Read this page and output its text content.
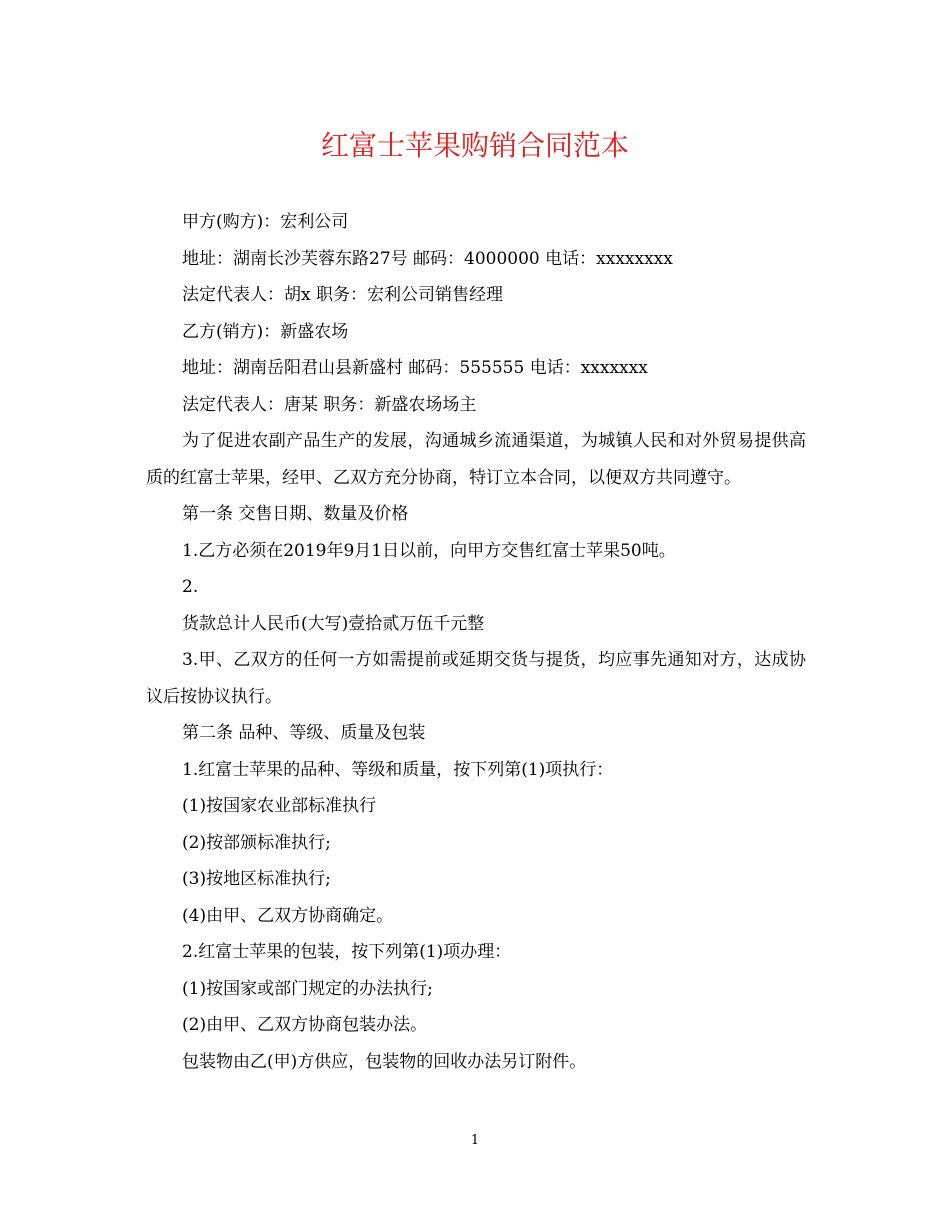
红富士苹果购销合同范本

甲方(购方)：宏利公司

地址：湖南长沙芙蓉东路27号 邮码：4000000 电话：xxxxxxxx

法定代表人：胡x 职务：宏利公司销售经理

乙方(销方)：新盛农场

地址：湖南岳阳君山县新盛村 邮码：555555 电话：xxxxxxx

法定代表人：唐某 职务：新盛农场场主

为了促进农副产品生产的发展，沟通城乡流通渠道，为城镇人民和对外贸易提供高质的红富士苹果，经甲、乙双方充分协商，特订立本合同，以便双方共同遵守。

第一条 交售日期、数量及价格

1.乙方必须在2019年9月1日以前，向甲方交售红富士苹果50吨。

2.

货款总计人民币(大写)壹拾贰万伍千元整

3.甲、乙双方的任何一方如需提前或延期交货与提货，均应事先通知对方，达成协议后按协议执行。

第二条 品种、等级、质量及包装

1.红富士苹果的品种、等级和质量，按下列第(1)项执行：

(1)按国家农业部标准执行

(2)按部颁标准执行;

(3)按地区标准执行;

(4)由甲、乙双方协商确定。

2.红富士苹果的包装，按下列第(1)项办理：

(1)按国家或部门规定的办法执行;

(2)由甲、乙双方协商包装办法。

包装物由乙(甲)方供应，包装物的回收办法另订附件。

1
